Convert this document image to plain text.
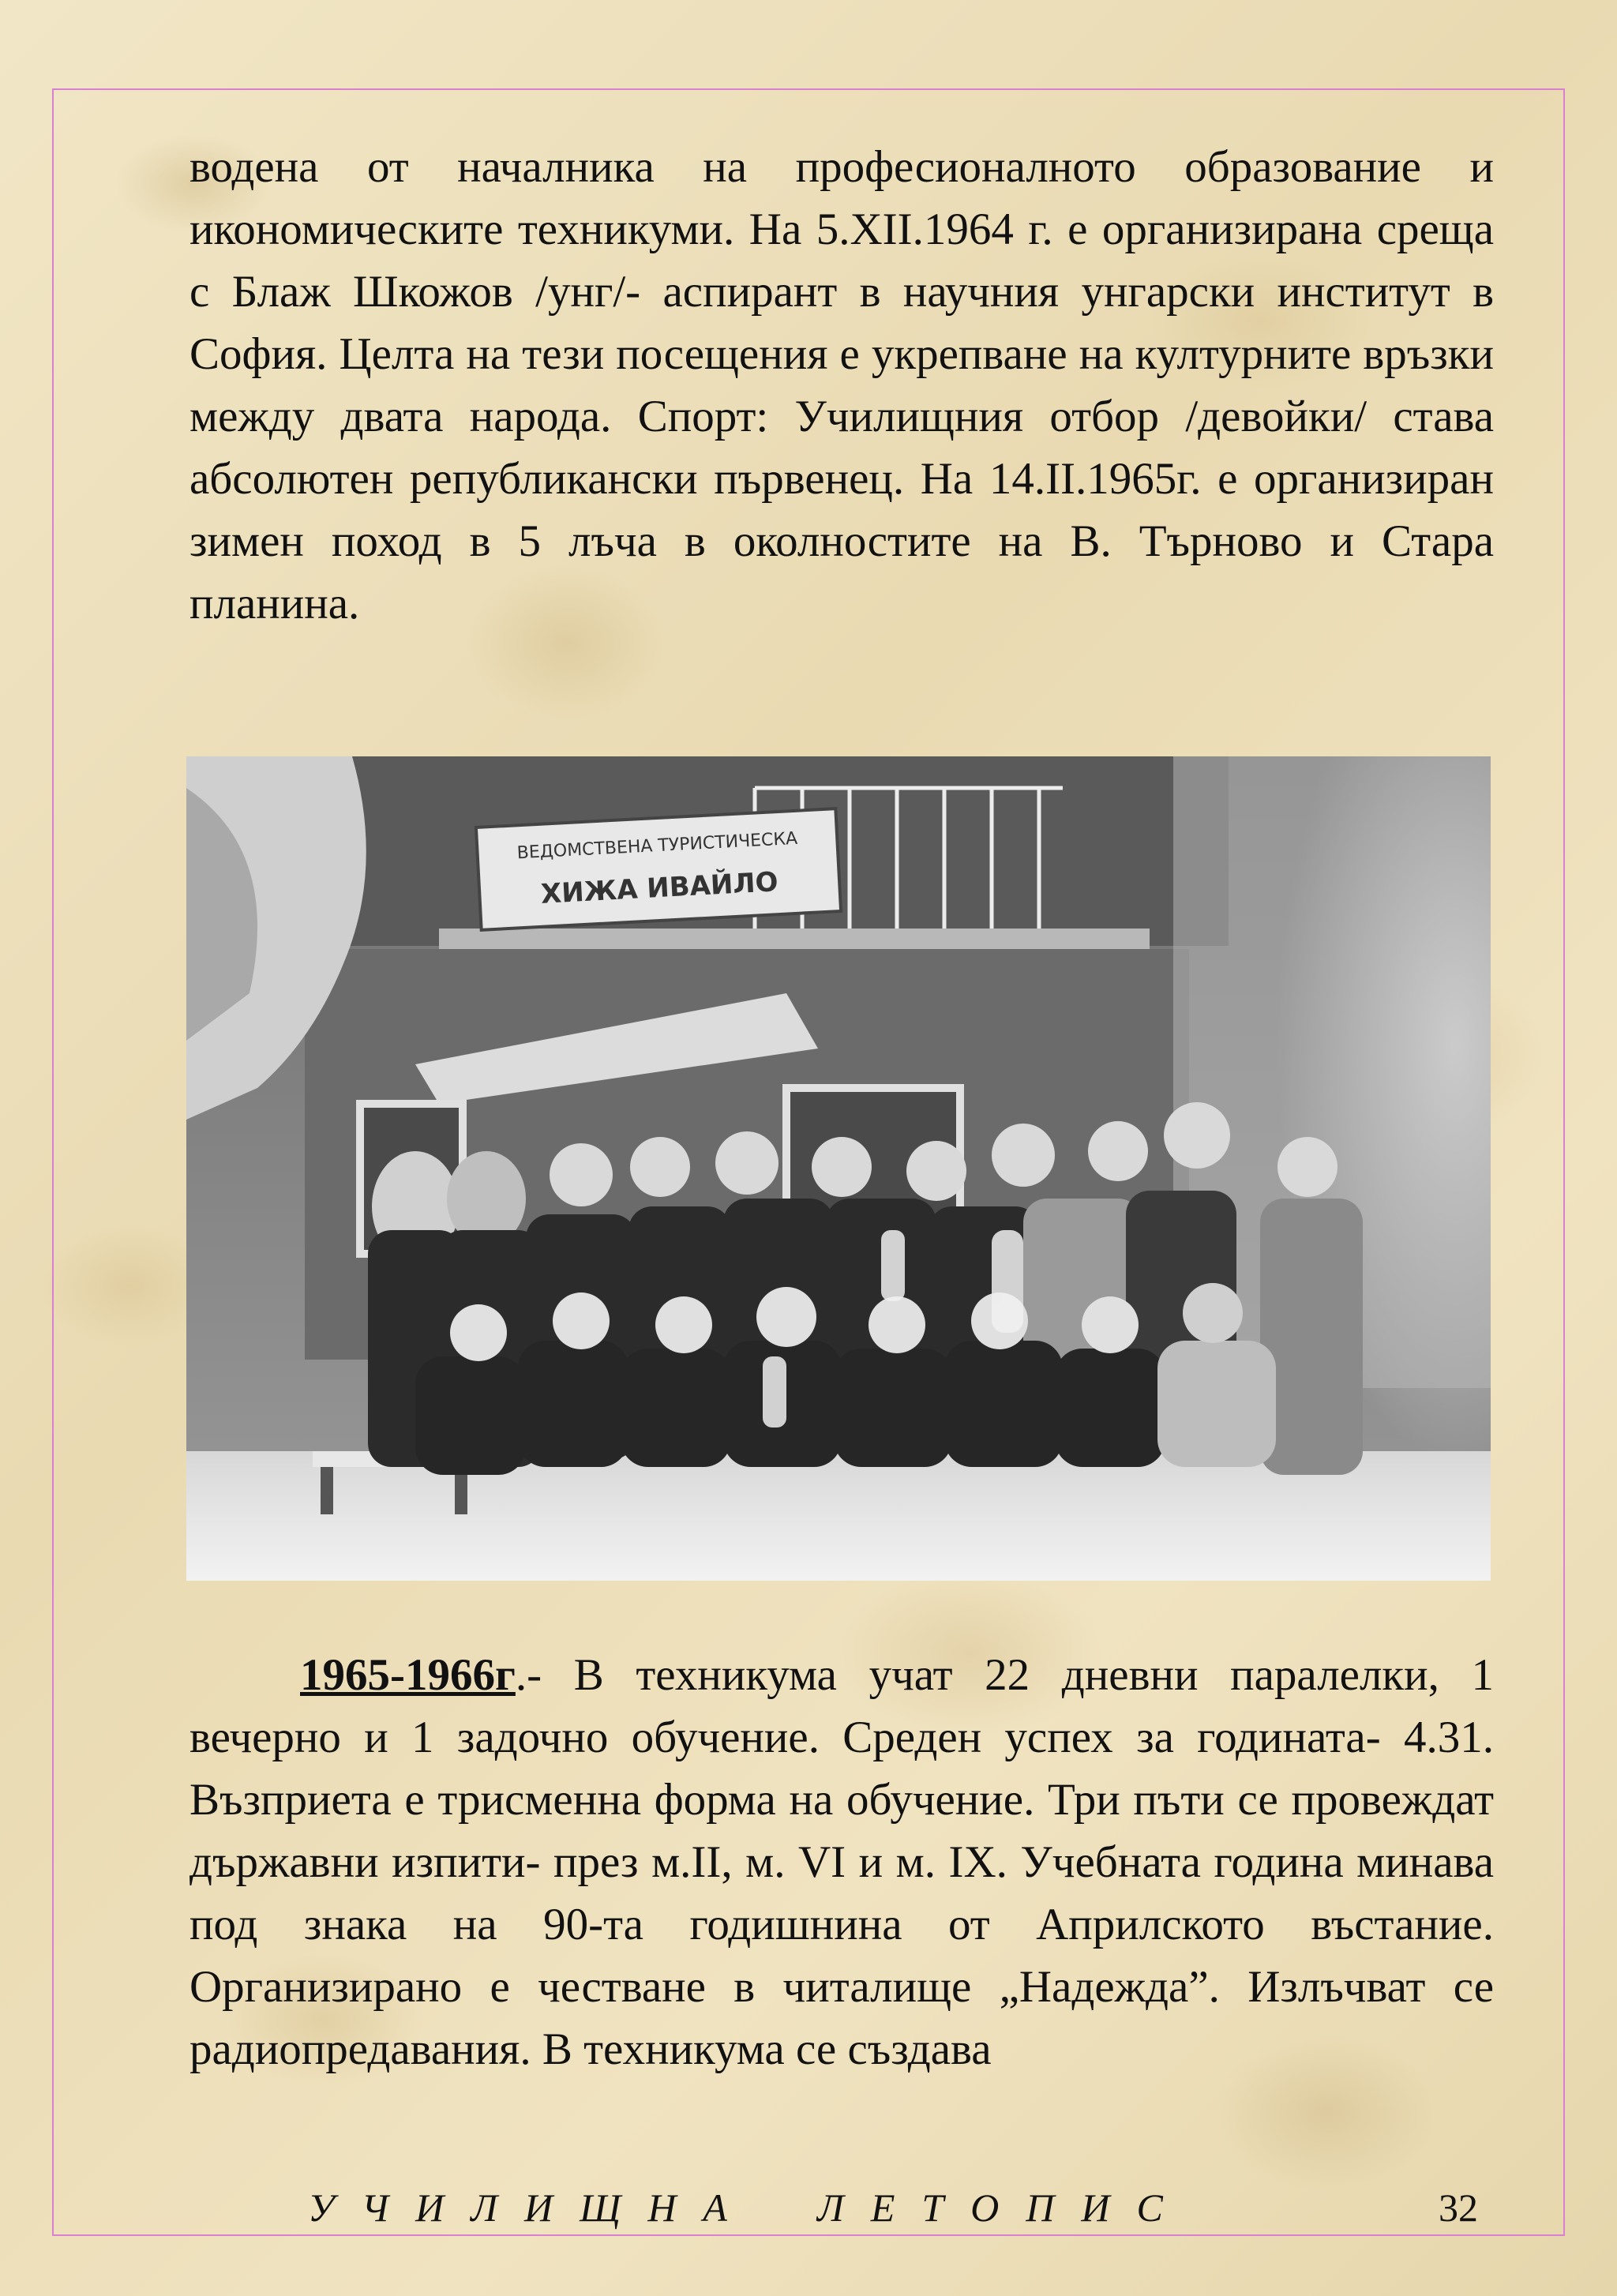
водена от началника на професионалното образование и икономическите техникуми. На 5.XII.1964 г. е организирана среща с Блаж Шкожов /унг/- аспирант в научния унгарски институт в София. Целта на тези посещения е укрепване на културните връзки между двата народа. Спорт: Училищния отбор /девойки/ става абсолютен републикански първенец. На 14.II.1965г. е организиран зимен поход в 5 лъча в околностите на В. Търново и Стара планина.

ВЕДОМСТВЕНА ТУРИСТИЧЕСКА
ХИЖА ИВАЙЛО

1965-1966г.- В техникума учат 22 дневни паралелки, 1 вечерно и 1 задочно обучение. Среден успех за годината- 4.31. Възприета е трисменна форма на обучение. Три пъти се провеждат държавни изпити- през м.II, м. VI и м. IX. Учебната година минава под знака на 90-та годишнина от Априлското въстание. Организирано е честване в читалище „Надежда”. Излъчват се радиопредавания. В техникума се създава

УЧИЛИЩНА ЛЕТОПИС	32
